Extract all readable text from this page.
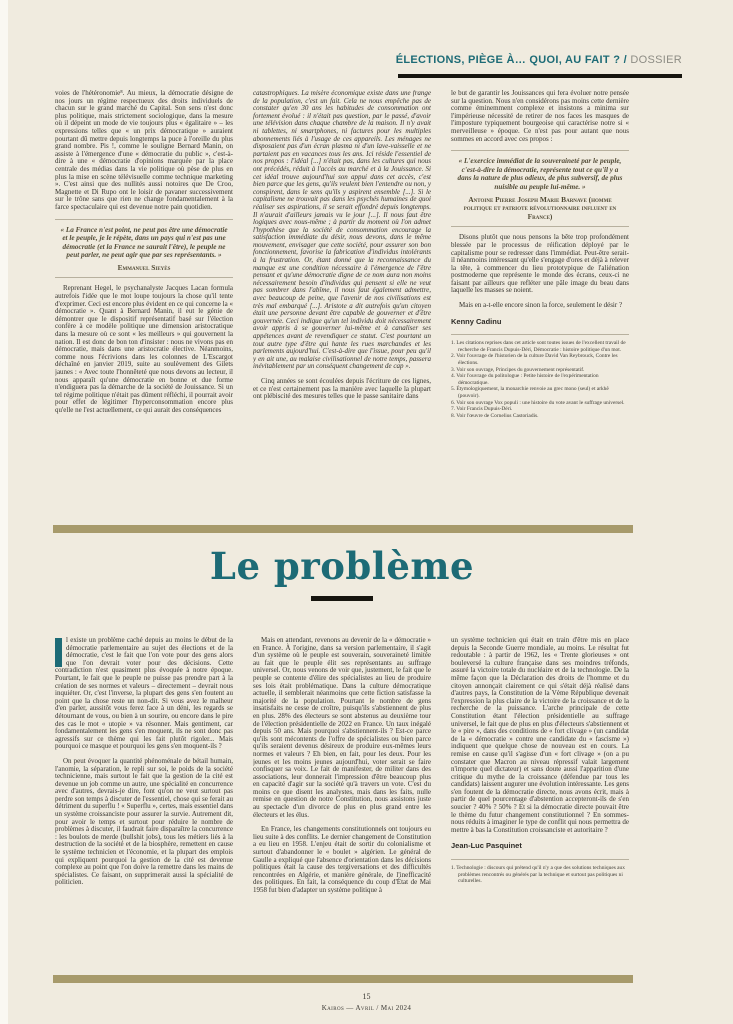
ÉLECTIONS, PIÈGE À… QUOI, AU FAIT ? / DOSSIER

voies de l'hétéronomie⁸. Au mieux, la démocratie désigne de nos jours un régime respectueux des droits individuels de chacun sur le grand marché du Capital. Son sens n'est donc plus politique, mais strictement sociologique, dans la mesure où il dépeint un mode de vie toujours plus « égalitaire » – les expressions telles que « un prix démocratique » auraient pourtant dû mettre depuis longtemps la puce à l'oreille du plus grand nombre. Pis !, comme le souligne Bernard Manin, on assiste à l'émergence d'une « démocratie du public », c'est-à-dire à une « démocratie d'opinions marquée par la place centrale des médias dans la vie politique où pèse de plus en plus la mise en scène télévisuelle comme technique marketing ». C'est ainsi que des nullités aussi notoires que De Croo, Magnette et Di Rupo ont le loisir de pavaner successivement sur le trône sans que rien ne change fondamentalement à la farce spectaculaire qui est devenue notre pain quotidien.

« La France n'est point, ne peut pas être une démocratie et le peuple, je le répète, dans un pays qui n'est pas une démocratie (et la France ne saurait l'être), le peuple ne peut parler, ne peut agir que par ses représentants. »
Emmanuel Sieyès

Reprenant Hegel, le psychanalyste Jacques Lacan formula autrefois l'idée que le mot loupe toujours la chose qu'il tente d'exprimer. Ceci est encore plus évident en ce qui concerne la « démocratie ». Quant à Bernard Manin, il eut le génie de démontrer que le dispositif représentatif basé sur l'élection confère à ce modèle politique une dimension aristocratique dans la mesure où ce sont « les meilleurs » qui gouvernent la nation. Il est donc de bon ton d'insister : nous ne vivons pas en démocratie, mais dans une aristocratie élective. Néanmoins, comme nous l'écrivions dans les colonnes de L'Escargot déchaîné en janvier 2019, suite au soulèvement des Gilets jaunes : « Avec toute l'honnêteté que nous devons au lecteur, il nous apparaît qu'une démocratie en bonne et due forme n'endiguera pas la démarche de la société de Jouissance. Si un tel régime politique n'était pas dûment réfléchi, il pourrait avoir pour effet de légitimer l'hyperconsommation encore plus qu'elle ne l'est actuellement, ce qui aurait des conséquences

catastrophiques. La misère économique existe dans une frange de la population, c'est un fait. Cela ne nous empêche pas de constater qu'en 30 ans les habitudes de consommation ont fortement évolué : il n'était pas question, par le passé, d'avoir une télévision dans chaque chambre de la maison. Il n'y avait ni tablettes, ni smartphones, ni factures pour les multiples abonnements liés à l'usage de ces appareils. Les ménages ne disposaient pas d'un écran plasma ni d'un lave-vaisselle et ne partaient pas en vacances tous les ans. Ici réside l'essentiel de nos propos : l'idéal [...] n'était pas, dans les cultures qui nous ont précédés, réduit à l'accès au marché et à la Jouissance. Si cet idéal trouve aujourd'hui son appui dans cet accès, c'est bien parce que les gens, qu'ils veulent bien l'entendre ou non, y conspirent, dans le sens qu'ils y aspirent ensemble [...]. Si le capitalisme ne trouvait pas dans les psychés humaines de quoi réaliser ses aspirations, il se serait effondré depuis longtemps. Il n'aurait d'ailleurs jamais vu le jour [...]. Il nous faut être logiques avec nous-même ; à partir du moment où l'on admet l'hypothèse que la société de consommation encourage la satisfaction immédiate du désir, nous devons, dans le même mouvement, envisager que cette société, pour assurer son bon fonctionnement, favorise la fabrication d'individus intolérants à la frustration. Or, étant donné que la reconnaissance du manque est une condition nécessaire à l'émergence de l'être pensant et qu'une démocratie digne de ce nom aura non moins nécessairement besoin d'individus qui pensent si elle ne veut pas sombrer dans l'abîme, il nous faut également admettre, avec beaucoup de peine, que l'avenir de nos civilisations est très mal embarqué [...]. Aristote a dit autrefois qu'un citoyen était une personne devant être capable de gouverner et d'être gouvernée. Ceci indique qu'un tel individu doit nécessairement avoir appris à se gouverner lui-même et à canaliser ses appétences avant de revendiquer ce statut. C'est pourtant un tout autre type d'être qui hante les rues marchandes et les parlements aujourd'hui. C'est-à-dire que l'issue, pour peu qu'il y en ait une, au malaise civilisationnel de notre temps, passera inévitablement par un conséquent changement de cap ».

Cinq années se sont écoulées depuis l'écriture de ces lignes, et ce n'est certainement pas la manière avec laquelle la plupart ont plébiscité des mesures telles que le passe sanitaire dans

le but de garantir les Jouissances qui fera évoluer notre pensée sur la question. Nous n'en considérons pas moins cette dernière comme éminemment complexe et insistons a minima sur l'impérieuse nécessité de retirer de nos faces les masques de l'imposture typiquement bourgeoise qui caractérise notre si « merveilleuse » époque. Ce n'est pas pour autant que nous sommes en accord avec ces propos :

« L'exercice immédiat de la souveraineté par le peuple, c'est-à-dire la démocratie, représente tout ce qu'il y a dans la nature de plus odieux, de plus subversif, de plus nuisible au peuple lui-même. »
Antoine Pierre Joseph Marie Barnave (homme politique et patriote révolutionnaire influent en France)

Disons plutôt que nous pensons la bête trop profondément blessée par le processus de réification déployé par le capitalisme pour se redresser dans l'immédiat. Peut-être serait-il néanmoins intéressant qu'elle s'engage d'ores et déjà à relever la tête, à commencer du lieu prototypique de l'aliénation postmoderne que représente le monde des écrans, ceux-ci ne faisant par ailleurs que refléter une pâle image du beau dans laquelle les masses se noient.

Mais en a-t-elle encore sinon la force, seulement le désir ?

Kenny Cadinu

1. Les citations reprises dans cet article sont toutes issues de l'excellent travail de recherche de Francis Dupuis-Déri, Démocratie : histoire politique d'un mot.

2. Voir l'ouvrage de l'historien de la culture David Van Reybrouck, Contre les élections.

3. Voir son ouvrage, Principes du gouvernement représentatif.

4. Voir l'ouvrage du politologue : Petite histoire de l'expérimentation démocratique.

5. Étymologiquement, la monarchie renvoie au grec mono (seul) et arkhê (pouvoir).

6. Voir son ouvrage Vox populi : une histoire du vote avant le suffrage universel.

7. Voir Francis Dupuis-Déri.

8. Voir l'œuvre de Cornelius Castoriadis.

Le problème

l existe un problème caché depuis au moins le début de la démocratie parlementaire au sujet des élections et de la démocratie, c'est le fait que l'on vote pour des gens alors que l'on devrait voter pour des décisions. Cette contradiction n'est quasiment plus évoquée à notre époque. Pourtant, le fait que le peuple ne puisse pas prendre part à la création de ses normes et valeurs – directement – devrait nous inquiéter. Or, c'est l'inverse, la plupart des gens s'en foutent au point que la chose reste un non-dit. Si vous avez le malheur d'en parler, aussitôt vous ferez face à un déni, les regards se détournant de vous, ou bien à un sourire, ou encore dans le pire des cas le mot « utopie » va résonner. Mais gentiment, car fondamentalement les gens s'en moquent, ils ne sont donc pas agressifs sur ce thème qui les fait plutôt rigoler... Mais pourquoi ce masque et pourquoi les gens s'en moquent-ils ?

On peut évoquer la quantité phénoménale de bétail humain, l'anomie, la séparation, le repli sur soi, le poids de la société technicienne, mais surtout le fait que la gestion de la cité est devenue un job comme un autre, une spécialité en concurrence avec d'autres, devrais-je dire, font qu'on ne veut surtout pas perdre son temps à discuter de l'essentiel, chose qui se ferait au détriment du superflu ! « Superflu », certes, mais essentiel dans un système croissanciste pour assurer la survie. Autrement dit, pour avoir le temps et surtout pour réduire le nombre de problèmes à discuter, il faudrait faire disparaître la concurrence : les boulots de merde (bullshit jobs), tous les métiers liés à la destruction de la société et de la biosphère, remettent en cause le système technicien et l'économie, et la plupart des emplois qui expliquent pourquoi la gestion de la cité est devenue complexe au point que l'on doive la remettre dans les mains de spécialistes. Ce faisant, on supprimerait aussi la spécialité de politicien.

Mais en attendant, revenons au devenir de la « démocratie » en France. À l'origine, dans sa version parlementaire, il s'agit d'un système où le peuple est souverain, souveraineté limitée au fait que le peuple élit ses représentants au suffrage universel. Or, nous venons de voir que, justement, le fait que le peuple se contente d'élire des spécialistes au lieu de produire ses lois était problématique. Dans la culture démocratique actuelle, il semblerait néanmoins que cette fiction satisfasse la majorité de la population. Pourtant le nombre de gens insatisfaits ne cesse de croître, puisqu'ils s'abstiennent de plus en plus. 28% des électeurs se sont abstenus au deuxième tour de l'élection présidentielle de 2022 en France. Un taux inégalé depuis 50 ans. Mais pourquoi s'abstiennent-ils ? Est-ce parce qu'ils sont mécontents de l'offre de spécialistes ou bien parce qu'ils seraient devenus désireux de produire eux-mêmes leurs normes et valeurs ? Eh bien, en fait, pour les deux. Pour les jeunes et les moins jeunes aujourd'hui, voter serait se faire confisquer sa voix. Le fait de manifester, de militer dans des associations, leur donnerait l'impression d'être beaucoup plus en capacité d'agir sur la société qu'à travers un vote. C'est du moins ce que disent les analystes, mais dans les faits, nulle remise en question de notre Constitution, nous assistons juste au spectacle d'un divorce de plus en plus grand entre les électeurs et les élus.

En France, les changements constitutionnels ont toujours eu lieu suite à des conflits. Le dernier changement de Constitution a eu lieu en 1958. L'enjeu était de sortir du colonialisme et surtout d'abandonner le « boulet » algérien. Le général de Gaulle a expliqué que l'absence d'orientation dans les décisions politiques était la cause des tergiversations et des difficultés rencontrées en Algérie, et manière générale, de l'inefficacité des politiques. En fait, la conséquence du coup d'État de Mai 1958 fut bien d'adapter un système politique à

un système technicien qui était en train d'être mis en place depuis la Seconde Guerre mondiale, au moins. Le résultat fut redoutable : à partir de 1962, les « Trente glorieuses » ont bouleversé la culture française dans ses moindres tréfonds, assuré la victoire totale du nucléaire et de la technologie. De la même façon que la Déclaration des droits de l'homme et du citoyen annonçait clairement ce qui s'était déjà réalisé dans d'autres pays, la Constitution de la Vème République devenait l'expression la plus claire de la victoire de la croissance et de la recherche de la puissance. L'arche principale de cette Constitution étant l'élection présidentielle au suffrage universel, le fait que de plus en plus d'électeurs s'abstiennent et le « pire », dans des conditions de « fort clivage » (un candidat de la « démocratie » contre une candidate du « fascisme ») indiquent que quelque chose de nouveau est en cours. La remise en cause qu'il s'agisse d'un « fort clivage » (on a pu constater que Macron au niveau répressif valait largement n'importe quel dictateur) et sans doute aussi l'apparition d'une critique du mythe de la croissance (défendue par tous les candidats) laissent augurer une évolution intéressante. Les gens s'en foutent de la démocratie directe, nous avons écrit, mais à partir de quel pourcentage d'abstention accepteront-ils de s'en soucier ? 40% ? 50% ? Et si la démocratie directe pouvait être le thème du futur changement constitutionnel ? En sommes-nous réduits à imaginer le type de conflit qui nous permettra de mettre à bas la Constitution croissanciste et autoritaire ?

Jean-Luc Pasquinet

1. Technologie : discours qui prétend qu'il n'y a que des solutions techniques aux problèmes rencontrés ou générés par la technique et surtout pas politiques ni culturelles.

15
Kairos — Avril / Mai 2024
